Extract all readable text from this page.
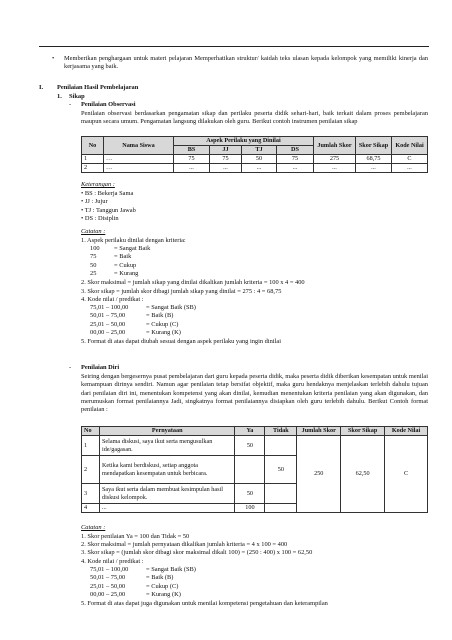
• Memberikan penghargaan untuk materi pelajaran Memperhatikan struktur/ kaidah teks ulasan kepada kelompok yang memiliki kinerja dan kerjasama yang baik.
I. Penilaian Hasil Pembelajaran
1. Sikap
- Penilaian Observasi
Penilaian observasi berdasarkan pengamatan sikap dan perilaku peserta didik sehari-hari, baik terkait dalam proses pembelajaran maupun secara umum. Pengamatan langsung dilakukan oleh guru. Berikut contoh instrumen penilaian sikap
No	Nama Siswa	Aspek Perilaku yang Dinilai				Jumlah Skor	Skor Sikap	Kode Nilai
		BS	JJ	TJ	DS			
1	…	75	75	50	75	275	68,75	C
2	…	...	...	...	...	...	...	...
Keterangan :
• BS : Bekerja Sama
• JJ : Jujur
• TJ : Tanggun Jawab
• DS : Disiplin
Catatan :
1. Aspek perilaku dinilai dengan kriteria:
100 = Sangat Baik
75	= Baik
50	= Cukup
25	= Kurang
2. Skor maksimal = jumlah sikap yang dinilai dikalikan jumlah kriteria = 100 x 4 = 400
3. Skor sikap = jumlah skor dibagi jumlah sikap yang dinilai = 275 : 4 = 68,75
4. Kode nilai / predikat :
75,01 – 100,00	= Sangat Baik (SB)
50,01 – 75,00	= Baik (B)
25,01 – 50,00	= Cukup (C)
00,00 – 25,00	= Kurang (K)
5. Format di atas dapat diubah sesuai dengan aspek perilaku yang ingin dinilai
- Penilaian Diri
Seiring dengan bergesernya pusat pembelajaran dari guru kepada peserta didik, maka peserta didik diberikan kesempatan untuk menilai kemampuan dirinya sendiri. Namun agar penilaian tetap bersifat objektif, maka guru hendaknya menjelaskan terlebih dahulu tujuan dari penilaian diri ini, menentukan kompetensi yang akan dinilai, kemudian menentukan kriteria penilaian yang akan digunakan, dan merumuskan format penilaiannya Jadi, singkatnya format penilaiannya disiapkan oleh guru terlebih dahulu. Berikut Contoh format penilaian :
No	Pernyataan	Ya	Tidak	Jumlah Skor	Skor Sikap	Kode Nilai
1	Selama diskusi, saya ikut serta mengusulkan ide/gagasan.	50		250	62,50	C
2	Ketika kami berdiskusi, setiap anggota mendapatkan kesempatan untuk berbicara.		50			
3	Saya ikut serta dalam membuat kesimpulan hasil diskusi kelompok.	50				
4	...	100				
Catatan :
1. Skor penilaian Ya = 100 dan Tidak = 50
2. Skor maksimal = jumlah pernyataan dikalikan jumlah kriteria = 4 x 100 = 400
3. Skor sikap = (jumlah skor dibagi skor maksimal dikali 100) = (250 : 400) x 100 = 62,50
4. Kode nilai / predikat :
75,01 – 100,00	= Sangat Baik (SB)
50,01 – 75,00	= Baik (B)
25,01 – 50,00	= Cukup (C)
00,00 – 25,00	= Kurang (K)
5. Format di atas dapat juga digunakan untuk menilai kompetensi pengetahuan dan keterampilan
